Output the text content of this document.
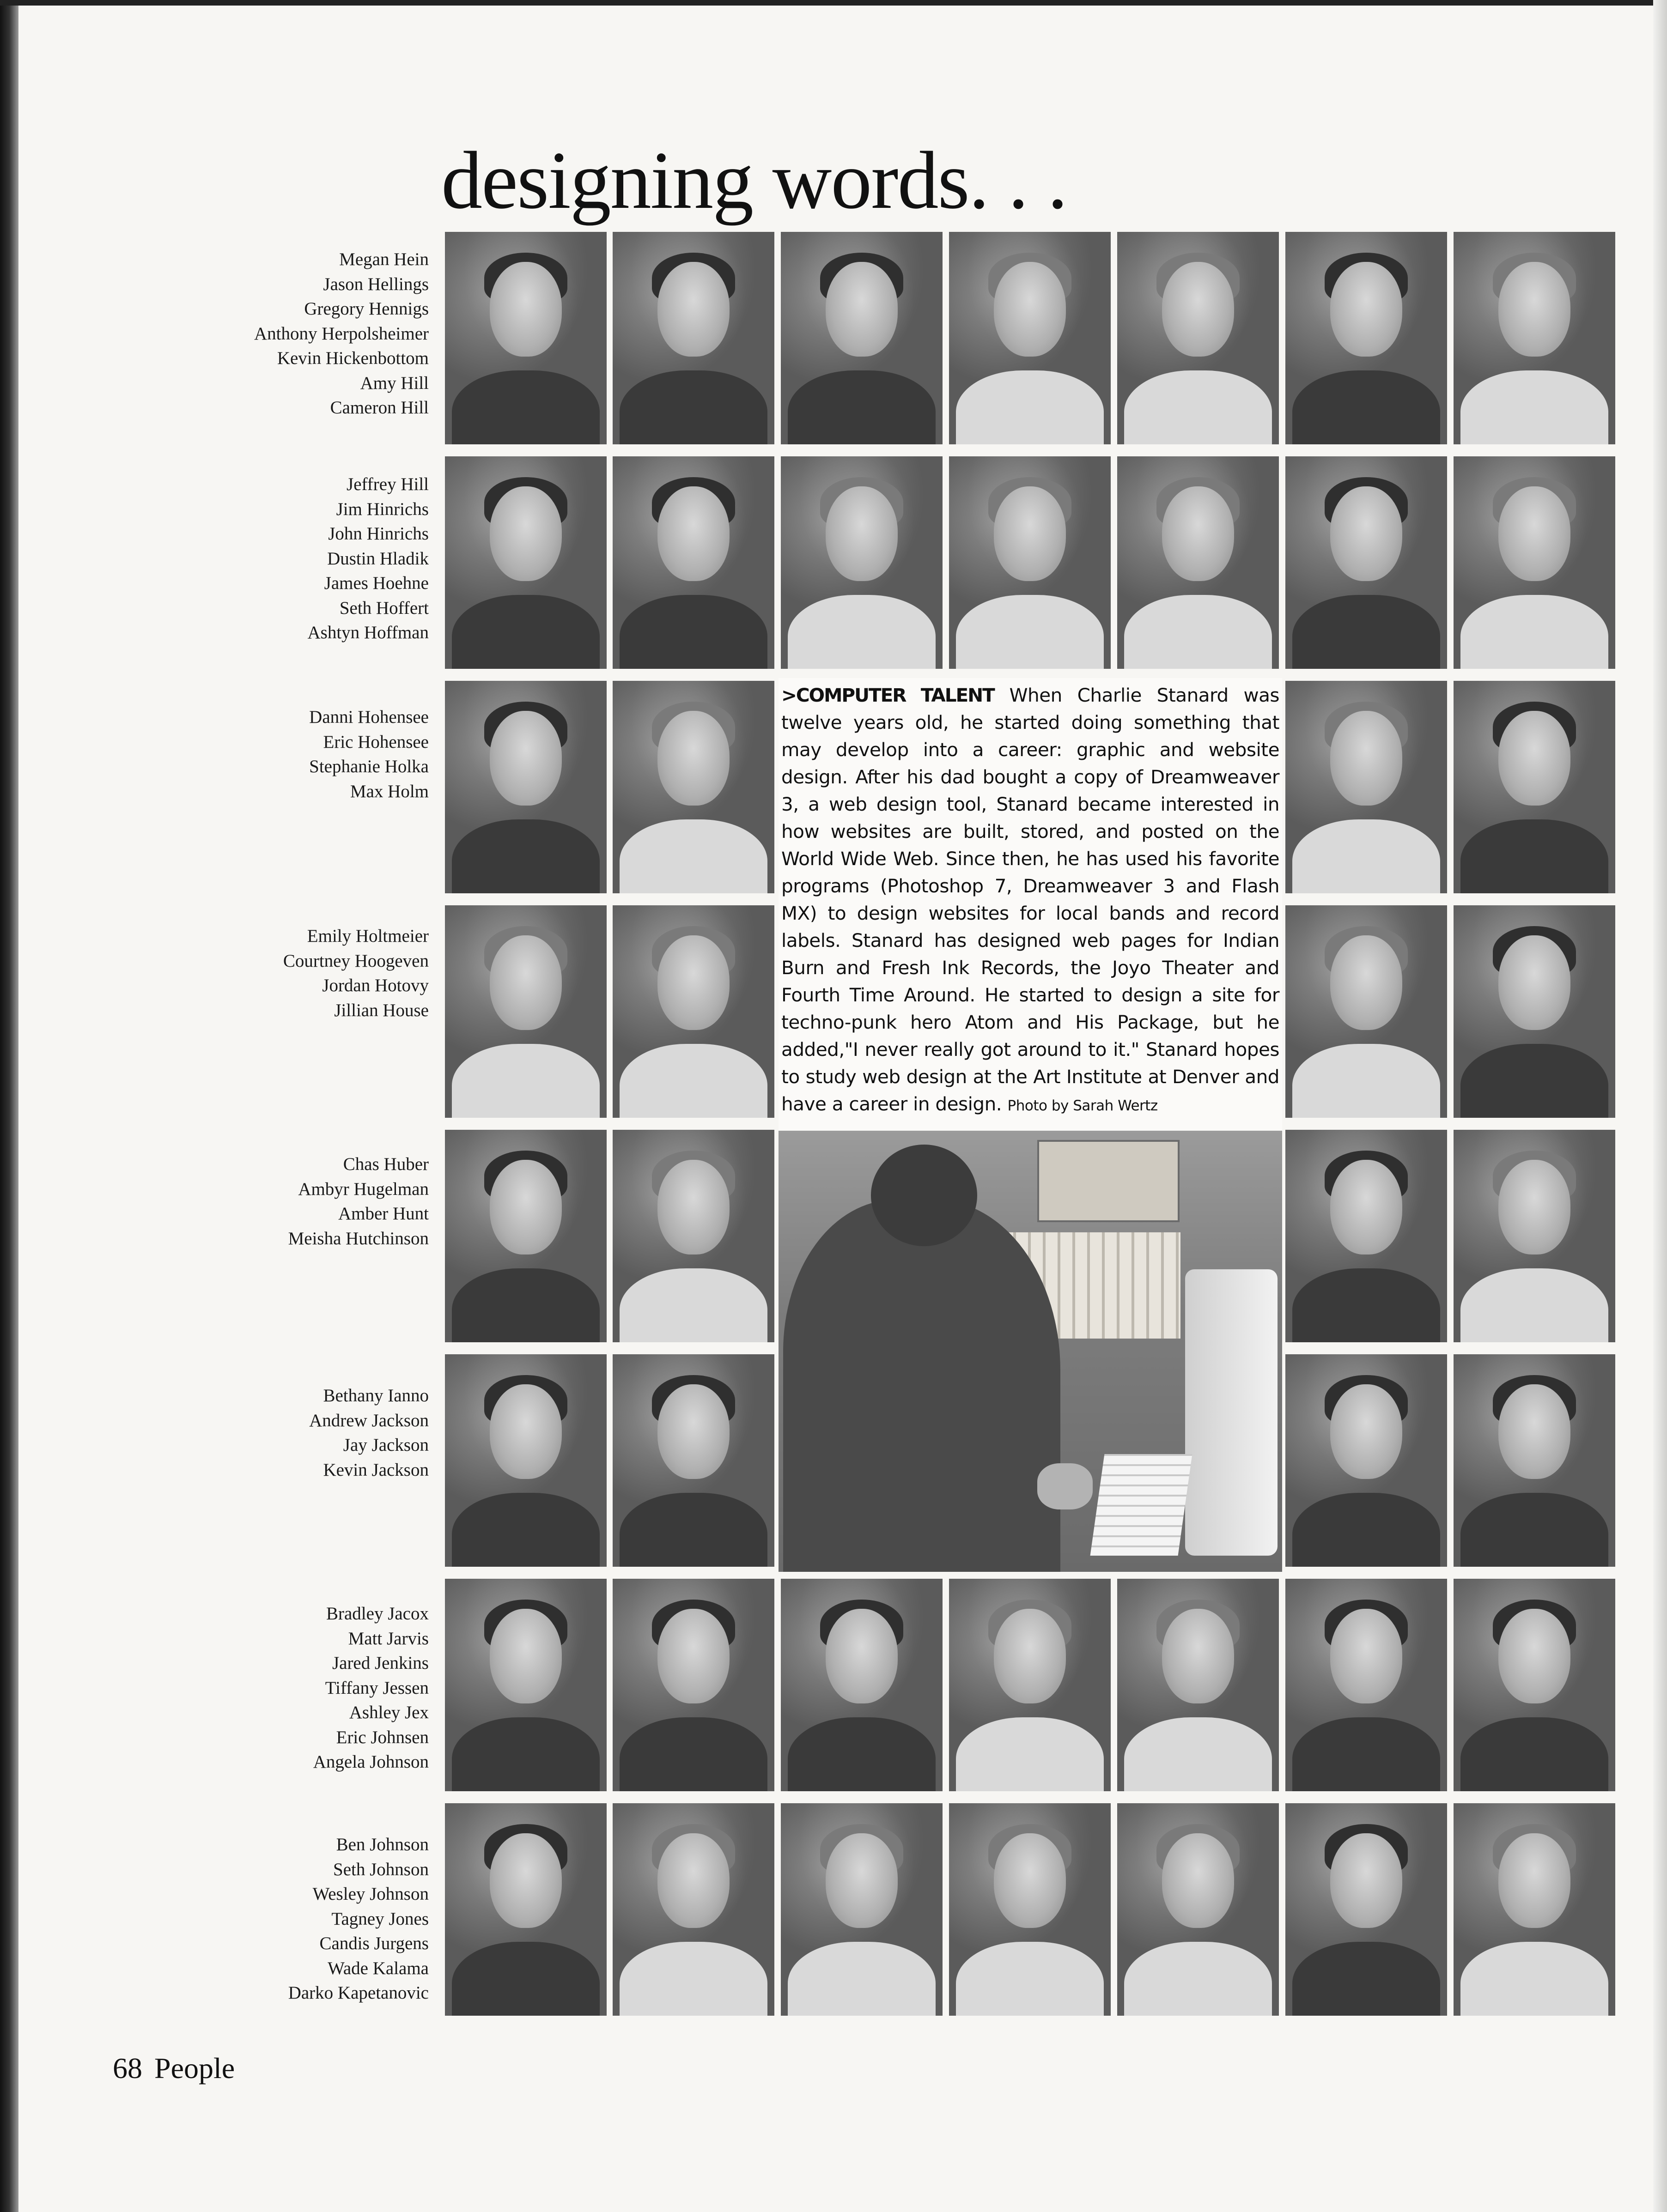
designing words. . .
Megan Hein
Jason Hellings
Gregory Hennigs
Anthony Herpolsheimer
Kevin Hickenbottom
Amy Hill
Cameron Hill
Jeffrey Hill
Jim Hinrichs
John Hinrichs
Dustin Hladik
James Hoehne
Seth Hoffert
Ashtyn Hoffman
Danni Hohensee
Eric Hohensee
Stephanie Holka
Max Holm
Emily Holtmeier
Courtney Hoogeven
Jordan Hotovy
Jillian House
Chas Huber
Ambyr Hugelman
Amber Hunt
Meisha Hutchinson
Bethany Ianno
Andrew Jackson
Jay Jackson
Kevin Jackson
Bradley Jacox
Matt Jarvis
Jared Jenkins
Tiffany Jessen
Ashley Jex
Eric Johnsen
Angela Johnson
Ben Johnson
Seth Johnson
Wesley Johnson
Tagney Jones
Candis Jurgens
Wade Kalama
Darko Kapetanovic

>COMPUTER TALENT When Charlie Stanard was twelve years old, he started doing something that may develop into a career: graphic and website design. After his dad bought a copy of Dreamweaver 3, a web design tool, Stanard became interested in how websites are built, stored, and posted on the World Wide Web. Since then, he has used his favorite programs (Photoshop 7, Dreamweaver 3 and Flash MX) to design websites for local bands and record labels. Stanard has designed web pages for Indian Burn and Fresh Ink Records, the Joyo Theater and Fourth Time Around. He started to design a site for techno-punk hero Atom and His Package, but he added,"I never really got around to it." Stanard hopes to study web design at the Art Institute at Denver and have a career in design. Photo by Sarah Wertz

68 People
